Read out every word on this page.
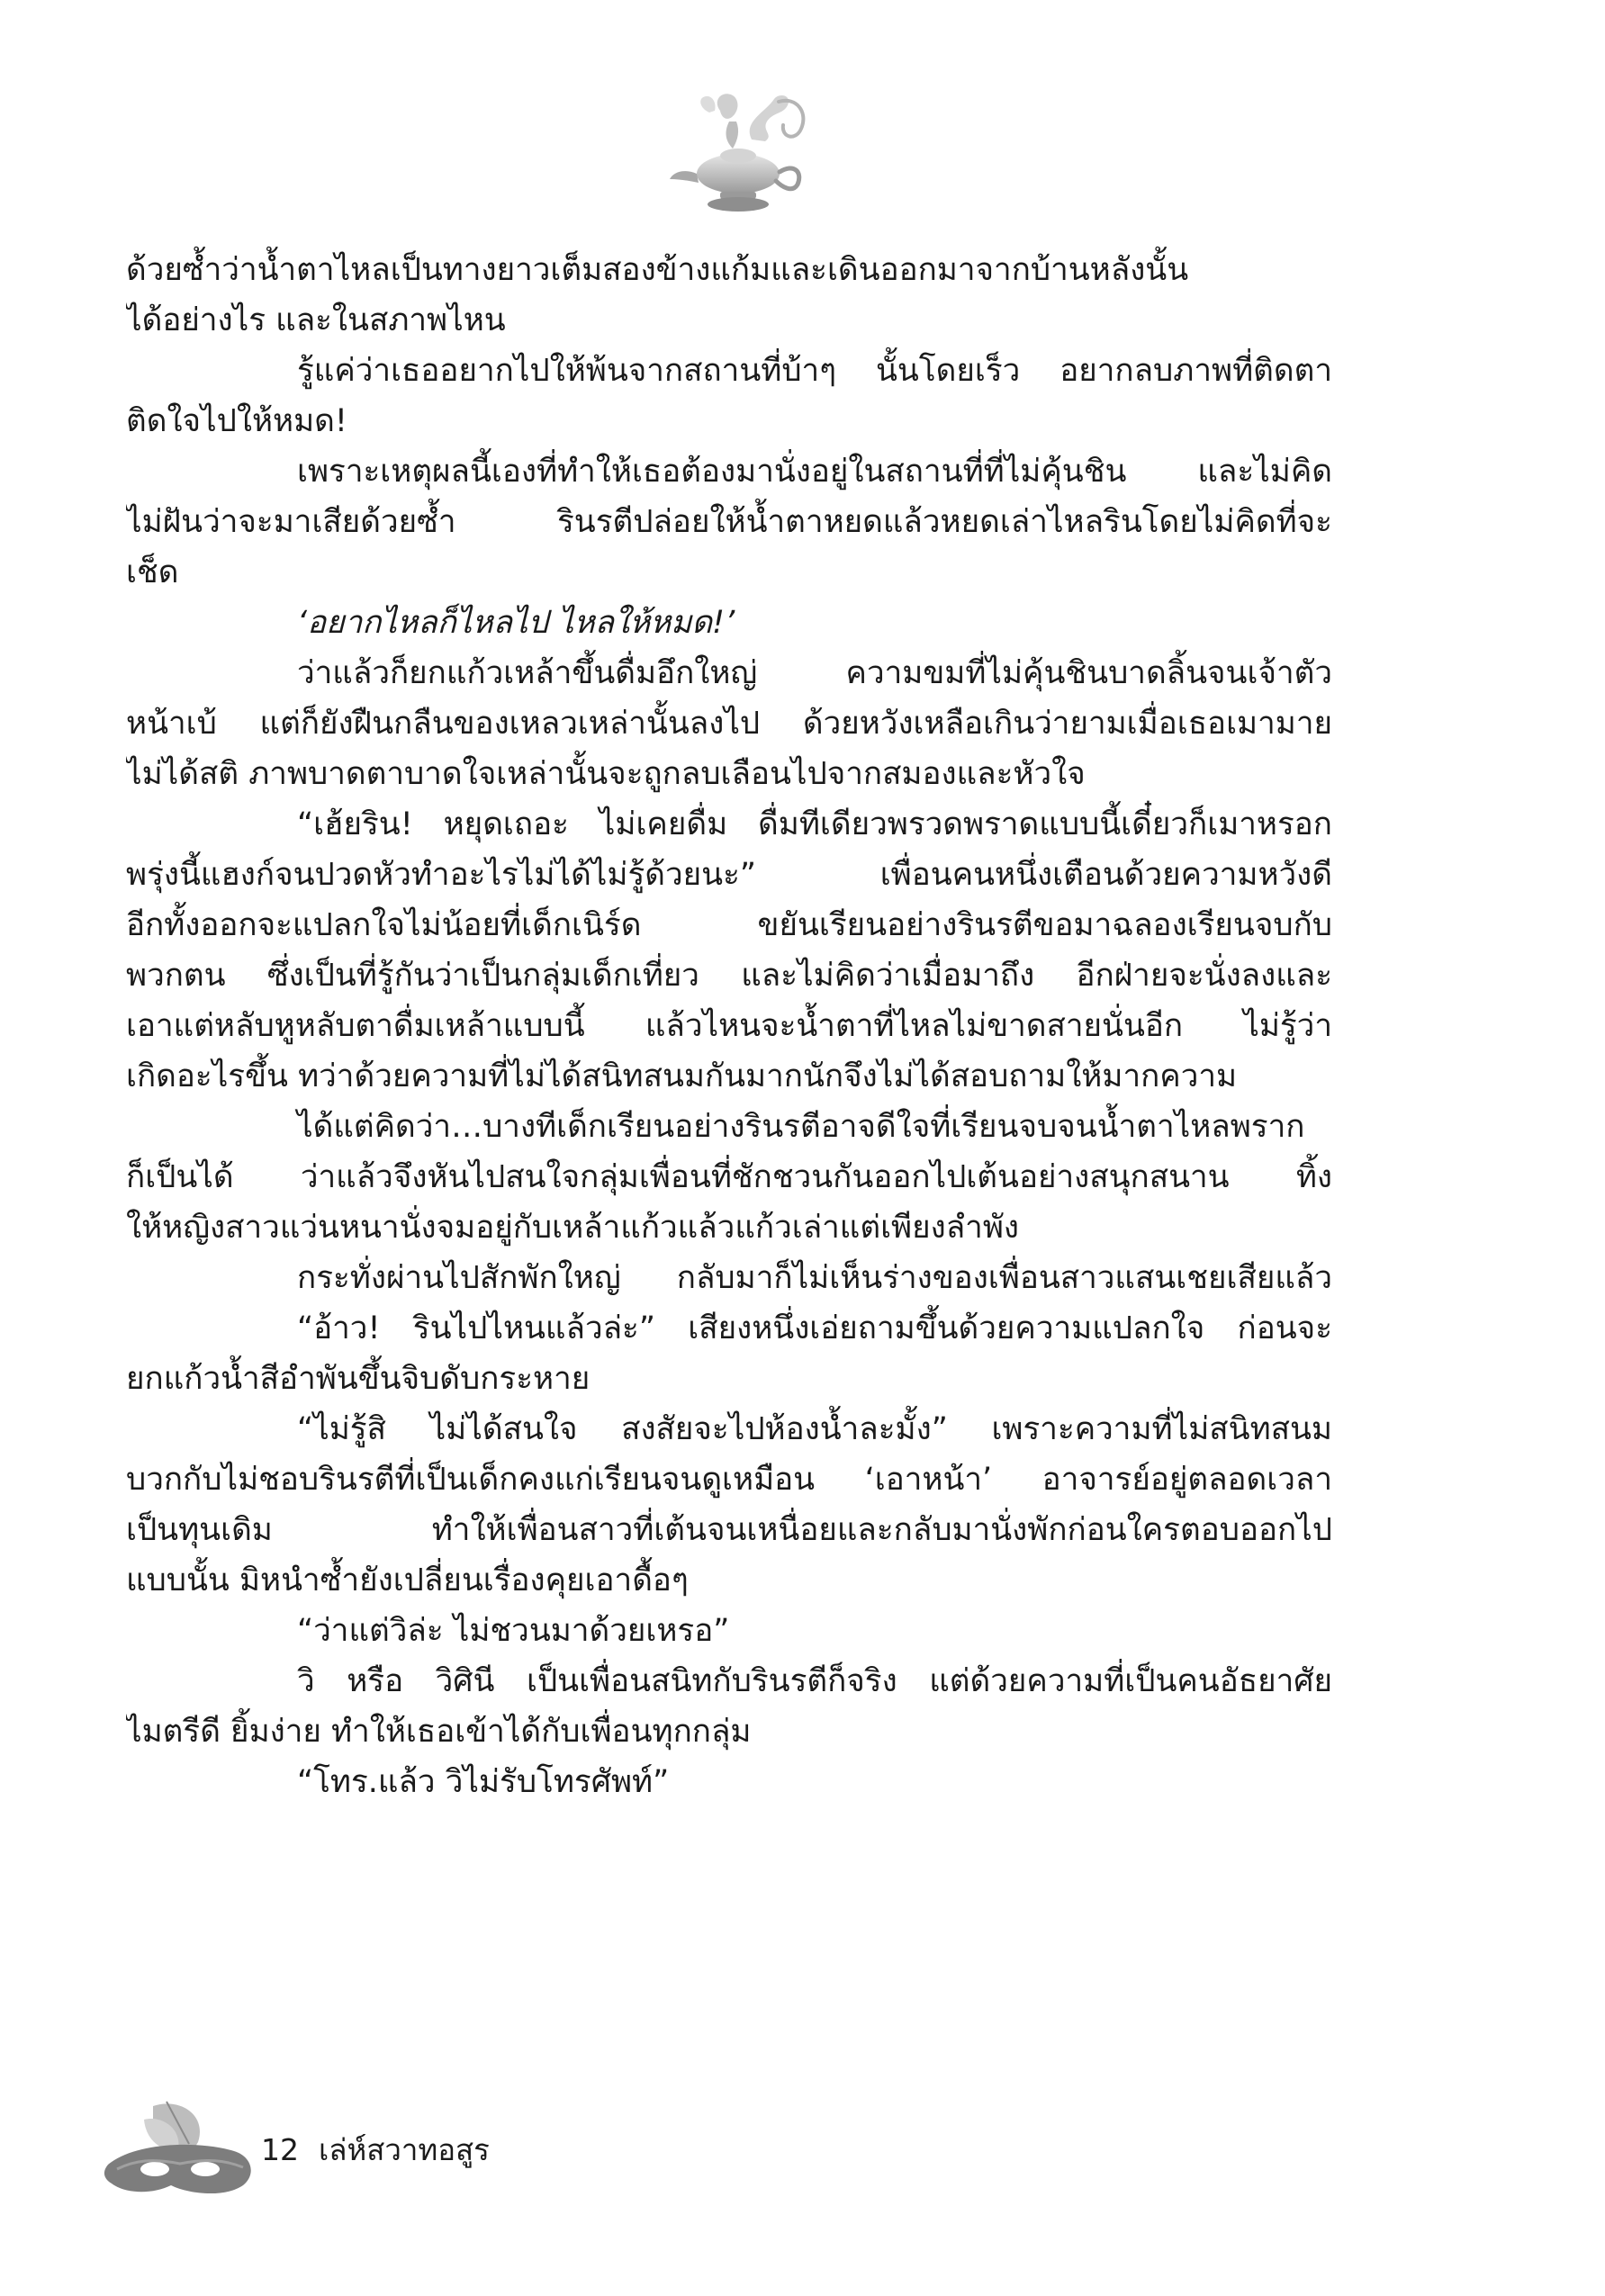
ด้วยซ้ำว่าน้ำตาไหลเป็นทางยาวเต็มสองข้างแก้มและเดินออกมาจากบ้านหลังนั้น
ได้อย่างไร และในสภาพไหน
รู้แค่ว่าเธออยากไปให้พ้นจากสถานที่บ้าๆ นั้นโดยเร็ว อยากลบภาพที่ติดตา
ติดใจไปให้หมด!
เพราะเหตุผลนี้เองที่ทำให้เธอต้องมานั่งอยู่ในสถานที่ที่ไม่คุ้นชิน และไม่คิด
ไม่ฝันว่าจะมาเสียด้วยซ้ำ รินรตีปล่อยให้น้ำตาหยดแล้วหยดเล่าไหลรินโดยไม่คิดที่จะ
เช็ด
‘อยากไหลก็ไหลไป ไหลให้หมด!’
ว่าแล้วก็ยกแก้วเหล้าขึ้นดื่มอึกใหญ่ ความขมที่ไม่คุ้นชินบาดลิ้นจนเจ้าตัว
หน้าเบ้ แต่ก็ยังฝืนกลืนของเหลวเหล่านั้นลงไป ด้วยหวังเหลือเกินว่ายามเมื่อเธอเมามาย
ไม่ได้สติ ภาพบาดตาบาดใจเหล่านั้นจะถูกลบเลือนไปจากสมองและหัวใจ
“เฮ้ยริน! หยุดเถอะ ไม่เคยดื่ม ดื่มทีเดียวพรวดพราดแบบนี้เดี๋ยวก็เมาหรอก
พรุ่งนี้แฮงก์จนปวดหัวทำอะไรไม่ได้ไม่รู้ด้วยนะ” เพื่อนคนหนึ่งเตือนด้วยความหวังดี
อีกทั้งออกจะแปลกใจไม่น้อยที่เด็กเนิร์ด ขยันเรียนอย่างรินรตีขอมาฉลองเรียนจบกับ
พวกตน ซึ่งเป็นที่รู้กันว่าเป็นกลุ่มเด็กเที่ยว และไม่คิดว่าเมื่อมาถึง อีกฝ่ายจะนั่งลงและ
เอาแต่หลับหูหลับตาดื่มเหล้าแบบนี้ แล้วไหนจะน้ำตาที่ไหลไม่ขาดสายนั่นอีก ไม่รู้ว่า
เกิดอะไรขึ้น ทว่าด้วยความที่ไม่ได้สนิทสนมกันมากนักจึงไม่ได้สอบถามให้มากความ
ได้แต่คิดว่า…บางทีเด็กเรียนอย่างรินรตีอาจดีใจที่เรียนจบจนน้ำตาไหลพราก
ก็เป็นได้ ว่าแล้วจึงหันไปสนใจกลุ่มเพื่อนที่ชักชวนกันออกไปเต้นอย่างสนุกสนาน ทิ้ง
ให้หญิงสาวแว่นหนานั่งจมอยู่กับเหล้าแก้วแล้วแก้วเล่าแต่เพียงลำพัง
กระทั่งผ่านไปสักพักใหญ่ กลับมาก็ไม่เห็นร่างของเพื่อนสาวแสนเชยเสียแล้ว
“อ้าว! รินไปไหนแล้วล่ะ” เสียงหนึ่งเอ่ยถามขึ้นด้วยความแปลกใจ ก่อนจะ
ยกแก้วน้ำสีอำพันขึ้นจิบดับกระหาย
“ไม่รู้สิ ไม่ได้สนใจ สงสัยจะไปห้องน้ำละมั้ง” เพราะความที่ไม่สนิทสนม
บวกกับไม่ชอบรินรตีที่เป็นเด็กคงแก่เรียนจนดูเหมือน ‘เอาหน้า’ อาจารย์อยู่ตลอดเวลา
เป็นทุนเดิม ทำให้เพื่อนสาวที่เต้นจนเหนื่อยและกลับมานั่งพักก่อนใครตอบออกไป
แบบนั้น มิหนำซ้ำยังเปลี่ยนเรื่องคุยเอาดื้อๆ
“ว่าแต่วิล่ะ ไม่ชวนมาด้วยเหรอ”
วิ หรือ วิศินี เป็นเพื่อนสนิทกับรินรตีก็จริง แต่ด้วยความที่เป็นคนอัธยาศัย
ไมตรีดี ยิ้มง่าย ทำให้เธอเข้าได้กับเพื่อนทุกกลุ่ม
“โทร.แล้ว วิไม่รับโทรศัพท์”
12 เล่ห์สวาทอสูร
